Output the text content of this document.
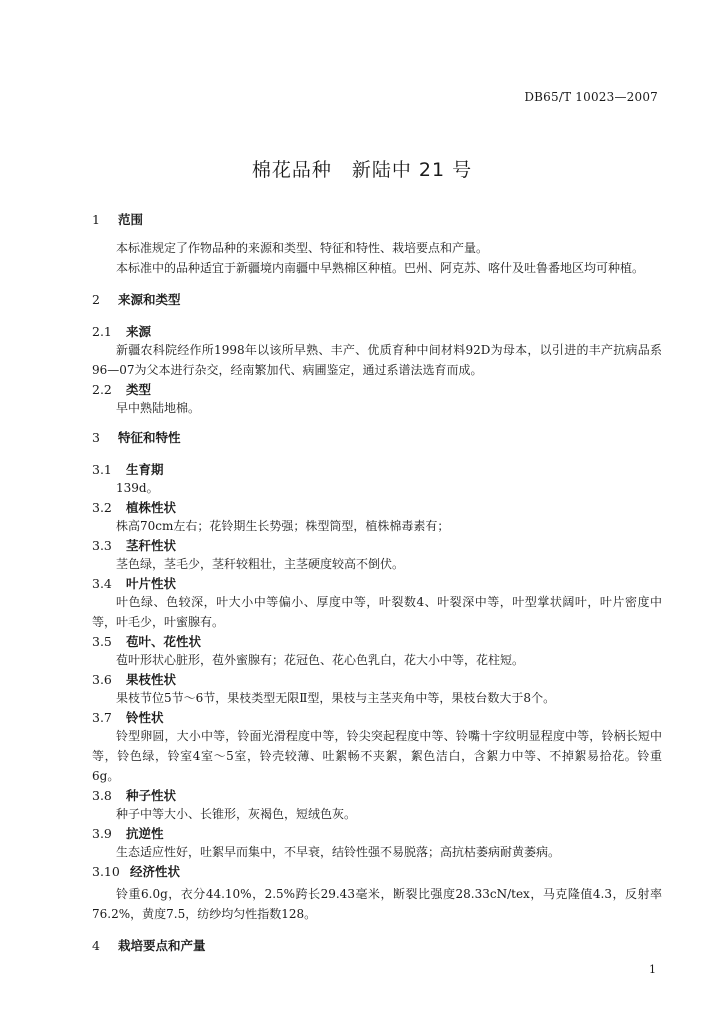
DB65/T 10023—2007
棉花品种　新陆中 21 号
1	范围

本标准规定了作物品种的来源和类型、特征和特性、栽培要点和产量。

本标准中的品种适宜于新疆境内南疆中早熟棉区种植。巴州、阿克苏、喀什及吐鲁番地区均可种植。

2	来源和类型
2.1	来源

新疆农科院经作所1998年以该所早熟、丰产、优质育种中间材料92D为母本，以引进的丰产抗病品系96—07为父本进行杂交，经南繁加代、病圃鉴定，通过系谱法选育而成。

2.2	类型

早中熟陆地棉。

3	特征和特性
3.1	生育期

139d。

3.2	植株性状

株高70cm左右；花铃期生长势强；株型筒型，植株棉毒素有；

3.3	茎秆性状

茎色绿，茎毛少，茎秆较粗壮，主茎硬度较高不倒伏。

3.4	叶片性状

叶色绿、色较深，叶大小中等偏小、厚度中等，叶裂数4、叶裂深中等，叶型掌状阔叶，叶片密度中等，叶毛少，叶蜜腺有。

3.5	苞叶、花性状

苞叶形状心脏形，苞外蜜腺有；花冠色、花心色乳白，花大小中等，花柱短。

3.6	果枝性状

果枝节位5节～6节，果枝类型无限Ⅱ型，果枝与主茎夹角中等，果枝台数大于8个。

3.7	铃性状

铃型卵圆，大小中等，铃面光滑程度中等，铃尖突起程度中等、铃嘴十字纹明显程度中等，铃柄长短中等，铃色绿，铃室4室～5室，铃壳较薄、吐絮畅不夹絮，絮色洁白，含絮力中等、不掉絮易拾花。铃重6g。

3.8	种子性状

种子中等大小、长锥形，灰褐色，短绒色灰。

3.9	抗逆性

生态适应性好，吐絮早而集中，不早衰，结铃性强不易脱落；高抗枯萎病耐黄萎病。

3.10 经济性状

铃重6.0g，衣分44.10%，2.5%跨长29.43毫米，断裂比强度28.33cN/tex，马克隆值4.3，反射率76.2%，黄度7.5，纺纱均匀性指数128。

4	栽培要点和产量
1
